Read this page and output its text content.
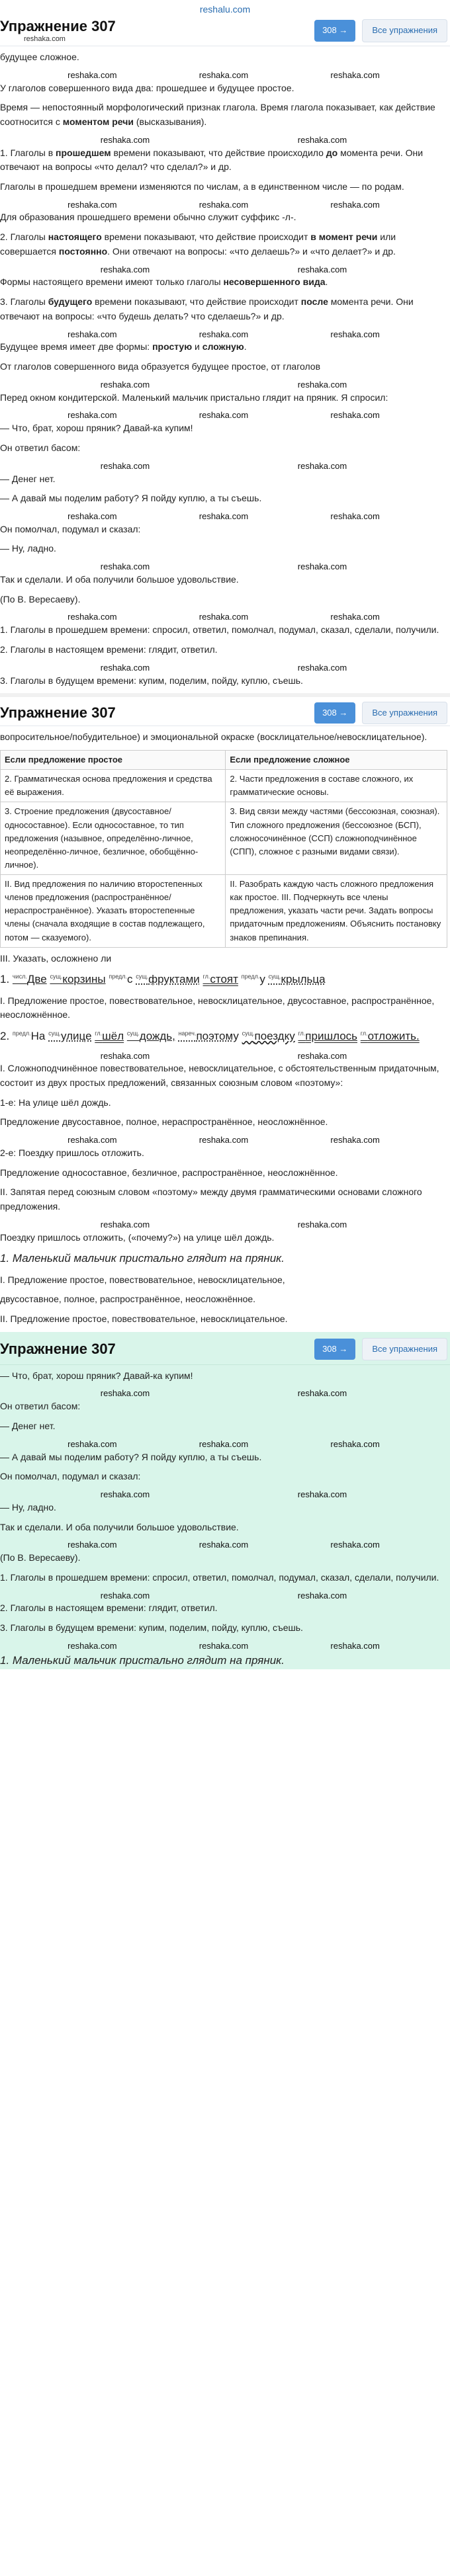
reshalu.com
Упражнение 307
reshaka.com
308 →	Все упражнения

будущее сложное.

reshaka.com	reshaka.com	reshaka.com

У глаголов совершенного вида два: прошедшее и будущее простое.

Время — непостоянный морфологический признак глагола. Время глагола показывает, как действие соотносится с моментом речи (высказывания).

reshaka.com	reshaka.com

1. Глаголы в прошедшем времени показывают, что действие происходило до момента речи. Они отвечают на вопросы «что делал? что сделал?» и др.

Глаголы в прошедшем времени изменяются по числам, а в единственном числе — по родам.

reshaka.com	reshaka.com	reshaka.com

Для образования прошедшего времени обычно служит суффикс -л-.

2. Глаголы настоящего времени показывают, что действие происходит в момент речи или совершается постоянно. Они отвечают на вопросы: «что делаешь?» и «что делает?» и др.

reshaka.com	reshaka.com

Формы настоящего времени имеют только глаголы несовершенного вида.

3. Глаголы будущего времени показывают, что действие происходит после момента речи. Они отвечают на вопросы: «что будешь делать? что сделаешь?» и др.

reshaka.com	reshaka.com	reshaka.com

Будущее время имеет две формы: простую и сложную.

От глаголов совершенного вида образуется будущее простое, от глаголов

reshaka.com	reshaka.com

Перед окном кондитерской. Маленький мальчик пристально глядит на пряник. Я спросил:

reshaka.com	reshaka.com	reshaka.com

— Что, брат, хорош пряник? Давай-ка купим!

Он ответил басом:

reshaka.com	reshaka.com

— Денег нет.

— А давай мы поделим работу? Я пойду куплю, а ты съешь.

reshaka.com	reshaka.com	reshaka.com

Он помолчал, подумал и сказал:

— Ну, ладно.

reshaka.com	reshaka.com

Так и сделали. И оба получили большое удовольствие.

(По В. Вересаеву).

reshaka.com	reshaka.com	reshaka.com

1. Глаголы в прошедшем времени: спросил, ответил, помолчал, подумал, сказал, сделали, получили.

2. Глаголы в настоящем времени: глядит, ответил.

reshaka.com	reshaka.com

3. Глаголы в будущем времени: купим, поделим, пойду, куплю, съешь.

Упражнение 307	308 →	Все упражнения

вопросительное/побудительное) и эмоциональной окраске (восклицательное/невосклицательное).

Если предложение простое	Если предложение сложное
2. Грамматическая основа предложения и средства её выражения.	2. Части предложения в составе сложного, их грамматические основы.
3. Строение предложения (двусоставное/односоставное). Если односоставное, то тип предложения (назывное, определённо-личное, неопределённо-личное, безличное, обобщённо-личное).	3. Вид связи между частями (бессоюзная, союзная). Тип сложного предложения (бессоюзное (БСП), сложносочинённое (ССП) сложноподчинённое (СПП), сложное с разными видами связи).
II. Вид предложения по наличию второстепенных членов предложения (распространённое/нераспространённое). Указать второстепенные члены (сначала входящие в состав подлежащего, потом — сказуемого).	II. Разобрать каждую часть сложного предложения как простое. III. Подчеркнуть все члены предложения, указать части речи. Задать вопросы придаточным предложениям. Объяснить постановку знаков препинания.

III. Указать, осложнено ли

1. $^{числ.}$Две $^{сущ.}$корзины $^{предл.}$с $^{сущ.}$фруктами $^{гл.}$стоят $^{предл.}$у $^{сущ.}$крыльца

I. Предложение простое, повествовательное, невосклицательное, двусоставное, распространённое, неосложнённое.

2. $^{предл.}$На $^{сущ.}$улице $^{гл.}$шёл $^{сущ.}$дождь, $^{нареч.}$поэтому $^{сущ.}$поездку $^{гл.}$пришлось $^{гл.}$отложить.

reshaka.com	reshaka.com

I. Сложноподчинённое повествовательное, невосклицательное, с обстоятельственным придаточным, состоит из двух простых предложений, связанных союзным словом «поэтому»:

1-е: На улице шёл дождь.

Предложение двусоставное, полное, нераспространённое, неосложнённое.

reshaka.com	reshaka.com	reshaka.com

2-е: Поездку пришлось отложить.

Предложение односоставное, безличное, распространённое, неосложнённое.

II. Запятая перед союзным словом «поэтому» между двумя грамматическими основами сложного предложения.

reshaka.com	reshaka.com

Поездку пришлось отложить, («почему?») на улице шёл дождь.

1. Маленький мальчик пристально глядит на пряник.

I. Предложение простое, повествовательное, невосклицательное,

двусоставное, полное, распространённое, неосложнённое.

II. Предложение простое, повествовательное, невосклицательное.

Упражнение 307	308 →	Все упражнения

— Что, брат, хорош пряник? Давай-ка купим!

reshaka.com	reshaka.com

Он ответил басом:

— Денег нет.

reshaka.com	reshaka.com	reshaka.com

— А давай мы поделим работу? Я пойду куплю, а ты съешь.

Он помолчал, подумал и сказал:

reshaka.com	reshaka.com

— Ну, ладно.

Так и сделали. И оба получили большое удовольствие.

reshaka.com	reshaka.com	reshaka.com

(По В. Вересаеву).

1. Глаголы в прошедшем времени: спросил, ответил, помолчал, подумал, сказал, сделали, получили.

reshaka.com	reshaka.com

2. Глаголы в настоящем времени: глядит, ответил.

3. Глаголы в будущем времени: купим, поделим, пойду, куплю, съешь.

reshaka.com	reshaka.com	reshaka.com

1. Маленький мальчик пристально глядит на пряник.
